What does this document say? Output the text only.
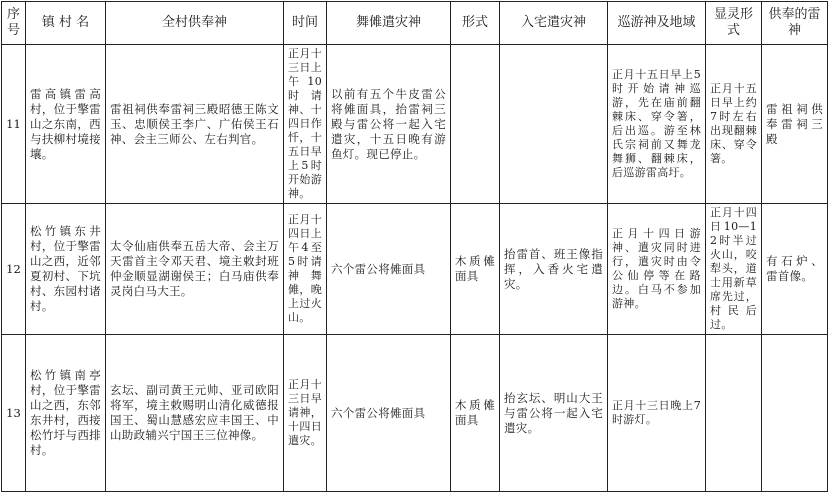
序号	镇 村 名	全村供奉神	时间	舞傩遣灾神	形式	入宅遣灾神	巡游神及地域	显灵形式	供奉的雷神
11	雷高镇雷高村，位于擎雷山之东南，西与扶柳村境接壤。	雷祖祠供奉雷祠三殿昭德王陈文玉、忠顺侯王李广、广佑侯王石神、会主三师公、左右判官。	正月十三日上午10时请神、十四日作忏，十五日早上5时开始游神。	以前有五个牛皮雷公将傩面具，抬雷祠三殿与雷公将一起入宅遣灾，十五日晚有游鱼灯。现已停止。			正月十五日早上5时开始请神巡游，先在庙前翻棘床、穿令箸，后出巡。游至林氏宗祠前又舞龙舞狮、翻棘床，后巡游雷高圩。	正月十五日早上约7时左右出现翻棘床、穿令箸。	雷祖祠供奉雷祠三殿
12	松竹镇东井村，位于擎雷山之西，近邻夏初村、下坑村、东园村诸村。	太令仙庙供奉五岳大帝、会主万天雷首主令邓天君、境主敕封班仲金顺显湖谢侯王；白马庙供奉灵岗白马大王。	正月十四日上午4至5时请神舞傩，晚上过火山。	六个雷公将傩面具	木质傩面具	抬雷首、班王像指挥，入香火宅遣灾。	正月十四日游神、遣灾同时进行，遣灾时由令公仙停等在路边。白马不参加游神。	正月十四日10—12时半过火山，咬犁头，道士用新草席先过，村民后过。	有石炉、雷首像。
13	松竹镇南亭村，位于擎雷山之西，东邻东井村，西接松竹圩与西排村。	玄坛、副司黄王元帅、亚司欧阳将军，境主敕赐明山清化威德报国王、蜀山慧感宏应丰国王、中山助政辅兴宁国王三位神像。	正月十三日早请神，十四日遣灾。	六个雷公将傩面具	木质傩面具	抬玄坛、明山大王与雷公将一起入宅遣灾。	正月十三日晚上7时游灯。		
